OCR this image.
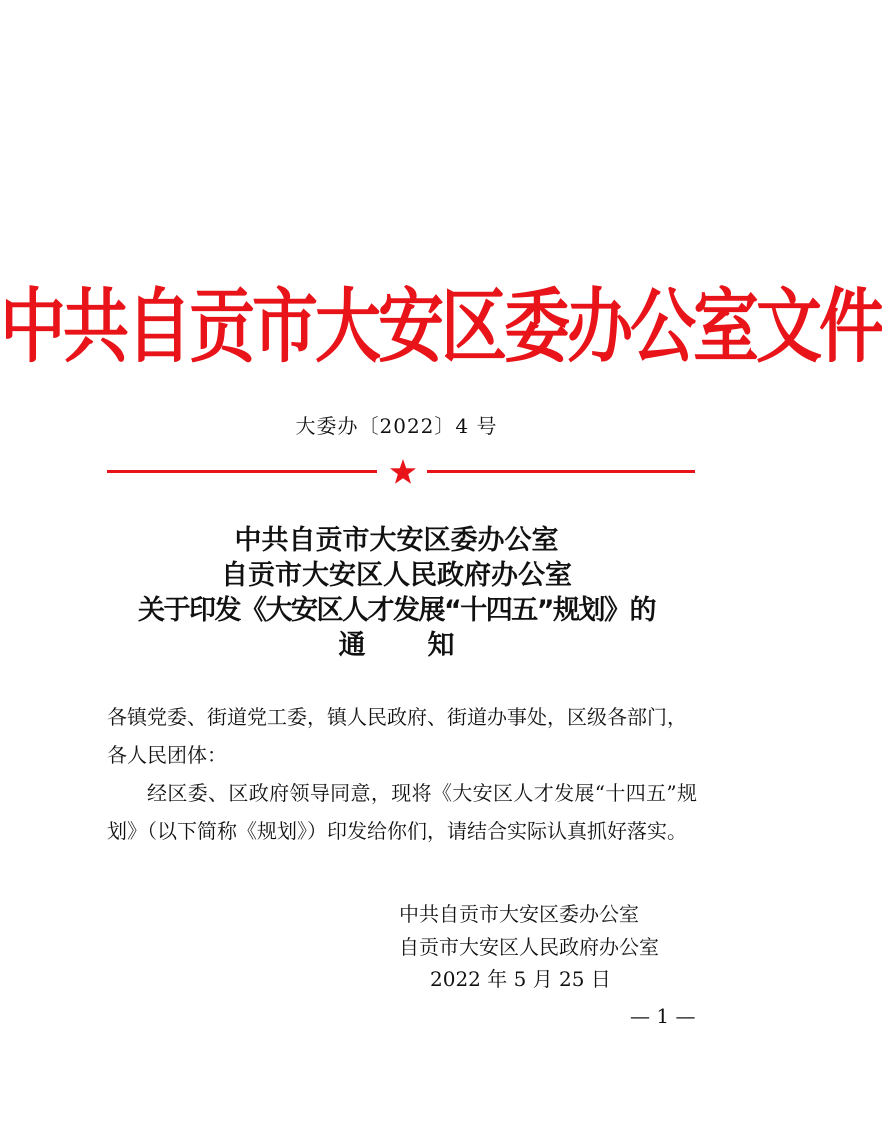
中共自贡市大安区委办公室文件
大委办〔2022〕4 号
中共自贡市大安区委办公室
自贡市大安区人民政府办公室
关于印发《大安区人才发展“十四五”规划》的
通 知
各镇党委、街道党工委，镇人民政府、街道办事处，区级各部门，各人民团体：
经区委、区政府领导同意，现将《大安区人才发展“十四五”规划》（以下简称《规划》）印发给你们，请结合实际认真抓好落实。
中共自贡市大安区委办公室
自贡市大安区人民政府办公室
2022 年 5 月 25 日
— 1 —
